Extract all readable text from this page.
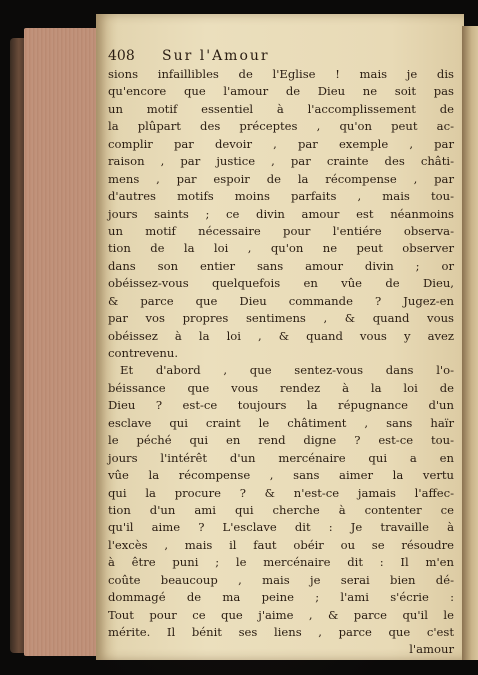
408 Sur l'Amour
sions infaillibles de l'Eglise ! mais je dis
qu'encore que l'amour de Dieu ne soit pas
un motif essentiel à l'accomplissement de
la plûpart des préceptes , qu'on peut ac-
complir par devoir , par exemple , par
raison , par justice , par crainte des châti-
mens , par espoir de la récompense , par
d'autres motifs moins parfaits , mais tou-
jours saints ; ce divin amour est néanmoins
un motif nécessaire pour l'entiére observa-
tion de la loi , qu'on ne peut observer
dans son entier sans amour divin ; or
obéissez-vous quelquefois en vûe de Dieu,
& parce que Dieu commande ? Jugez-en
par vos propres sentimens , & quand vous
obéissez à la loi , & quand vous y avez
contrevenu.
Et d'abord , que sentez-vous dans l'o-
béissance que vous rendez à la loi de
Dieu ? est-ce toujours la répugnance d'un
esclave qui craint le châtiment , sans haïr
le péché qui en rend digne ? est-ce tou-
jours l'intérêt d'un mercénaire qui a en
vûe la récompense , sans aimer la vertu
qui la procure ? & n'est-ce jamais l'affec-
tion d'un ami qui cherche à contenter ce
qu'il aime ? L'esclave dit : Je travaille à
l'excès , mais il faut obéir ou se résoudre
à être puni ; le mercénaire dit : Il m'en
coûte beaucoup , mais je serai bien dé-
dommagé de ma peine ; l'ami s'écrie :
Tout pour ce que j'aime , & parce qu'il le
mérite. Il bénit ses liens , parce que c'est
l'amour
